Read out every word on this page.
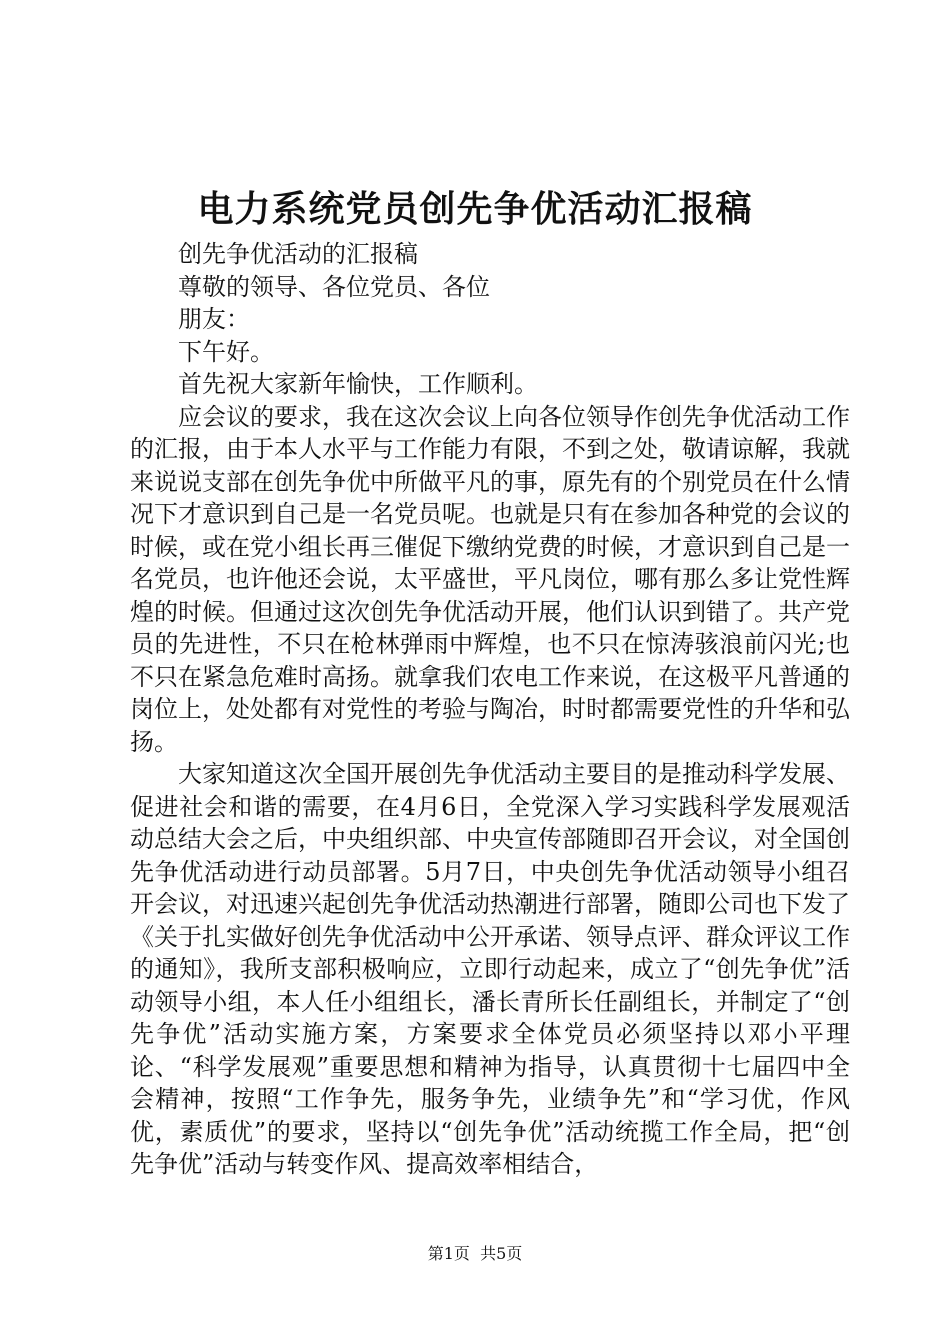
电力系统党员创先争优活动汇报稿

创先争优活动的汇报稿

尊敬的领导、各位党员、各位

朋友：

下午好。

首先祝大家新年愉快，工作顺利。

应会议的要求，我在这次会议上向各位领导作创先争优活动工作的汇报，由于本人水平与工作能力有限，不到之处，敬请谅解，我就来说说支部在创先争优中所做平凡的事，原先有的个别党员在什么情况下才意识到自己是一名党员呢。也就是只有在参加各种党的会议的时候，或在党小组长再三催促下缴纳党费的时候，才意识到自己是一名党员，也许他还会说，太平盛世，平凡岗位，哪有那么多让党性辉煌的时候。但通过这次创先争优活动开展，他们认识到错了。共产党员的先进性，不只在枪林弹雨中辉煌，也不只在惊涛骇浪前闪光;也不只在紧急危难时高扬。就拿我们农电工作来说，在这极平凡普通的岗位上，处处都有对党性的考验与陶冶，时时都需要党性的升华和弘扬。

大家知道这次全国开展创先争优活动主要目的是推动科学发展、促进社会和谐的需要，在4月6日，全党深入学习实践科学发展观活动总结大会之后，中央组织部、中央宣传部随即召开会议，对全国创先争优活动进行动员部署。5月7日，中央创先争优活动领导小组召开会议，对迅速兴起创先争优活动热潮进行部署，随即公司也下发了《关于扎实做好创先争优活动中公开承诺、领导点评、群众评议工作的通知》，我所支部积极响应，立即行动起来，成立了“创先争优”活动领导小组，本人任小组组长，潘长青所长任副组长，并制定了“创先争优”活动实施方案，方案要求全体党员必须坚持以邓小平理论、“科学发展观”重要思想和精神为指导，认真贯彻十七届四中全会精神，按照“工作争先，服务争先，业绩争先”和“学习优，作风优，素质优”的要求，坚持以“创先争优”活动统揽工作全局，把“创先争优”活动与转变作风、提高效率相结合，

第1页  共5页
